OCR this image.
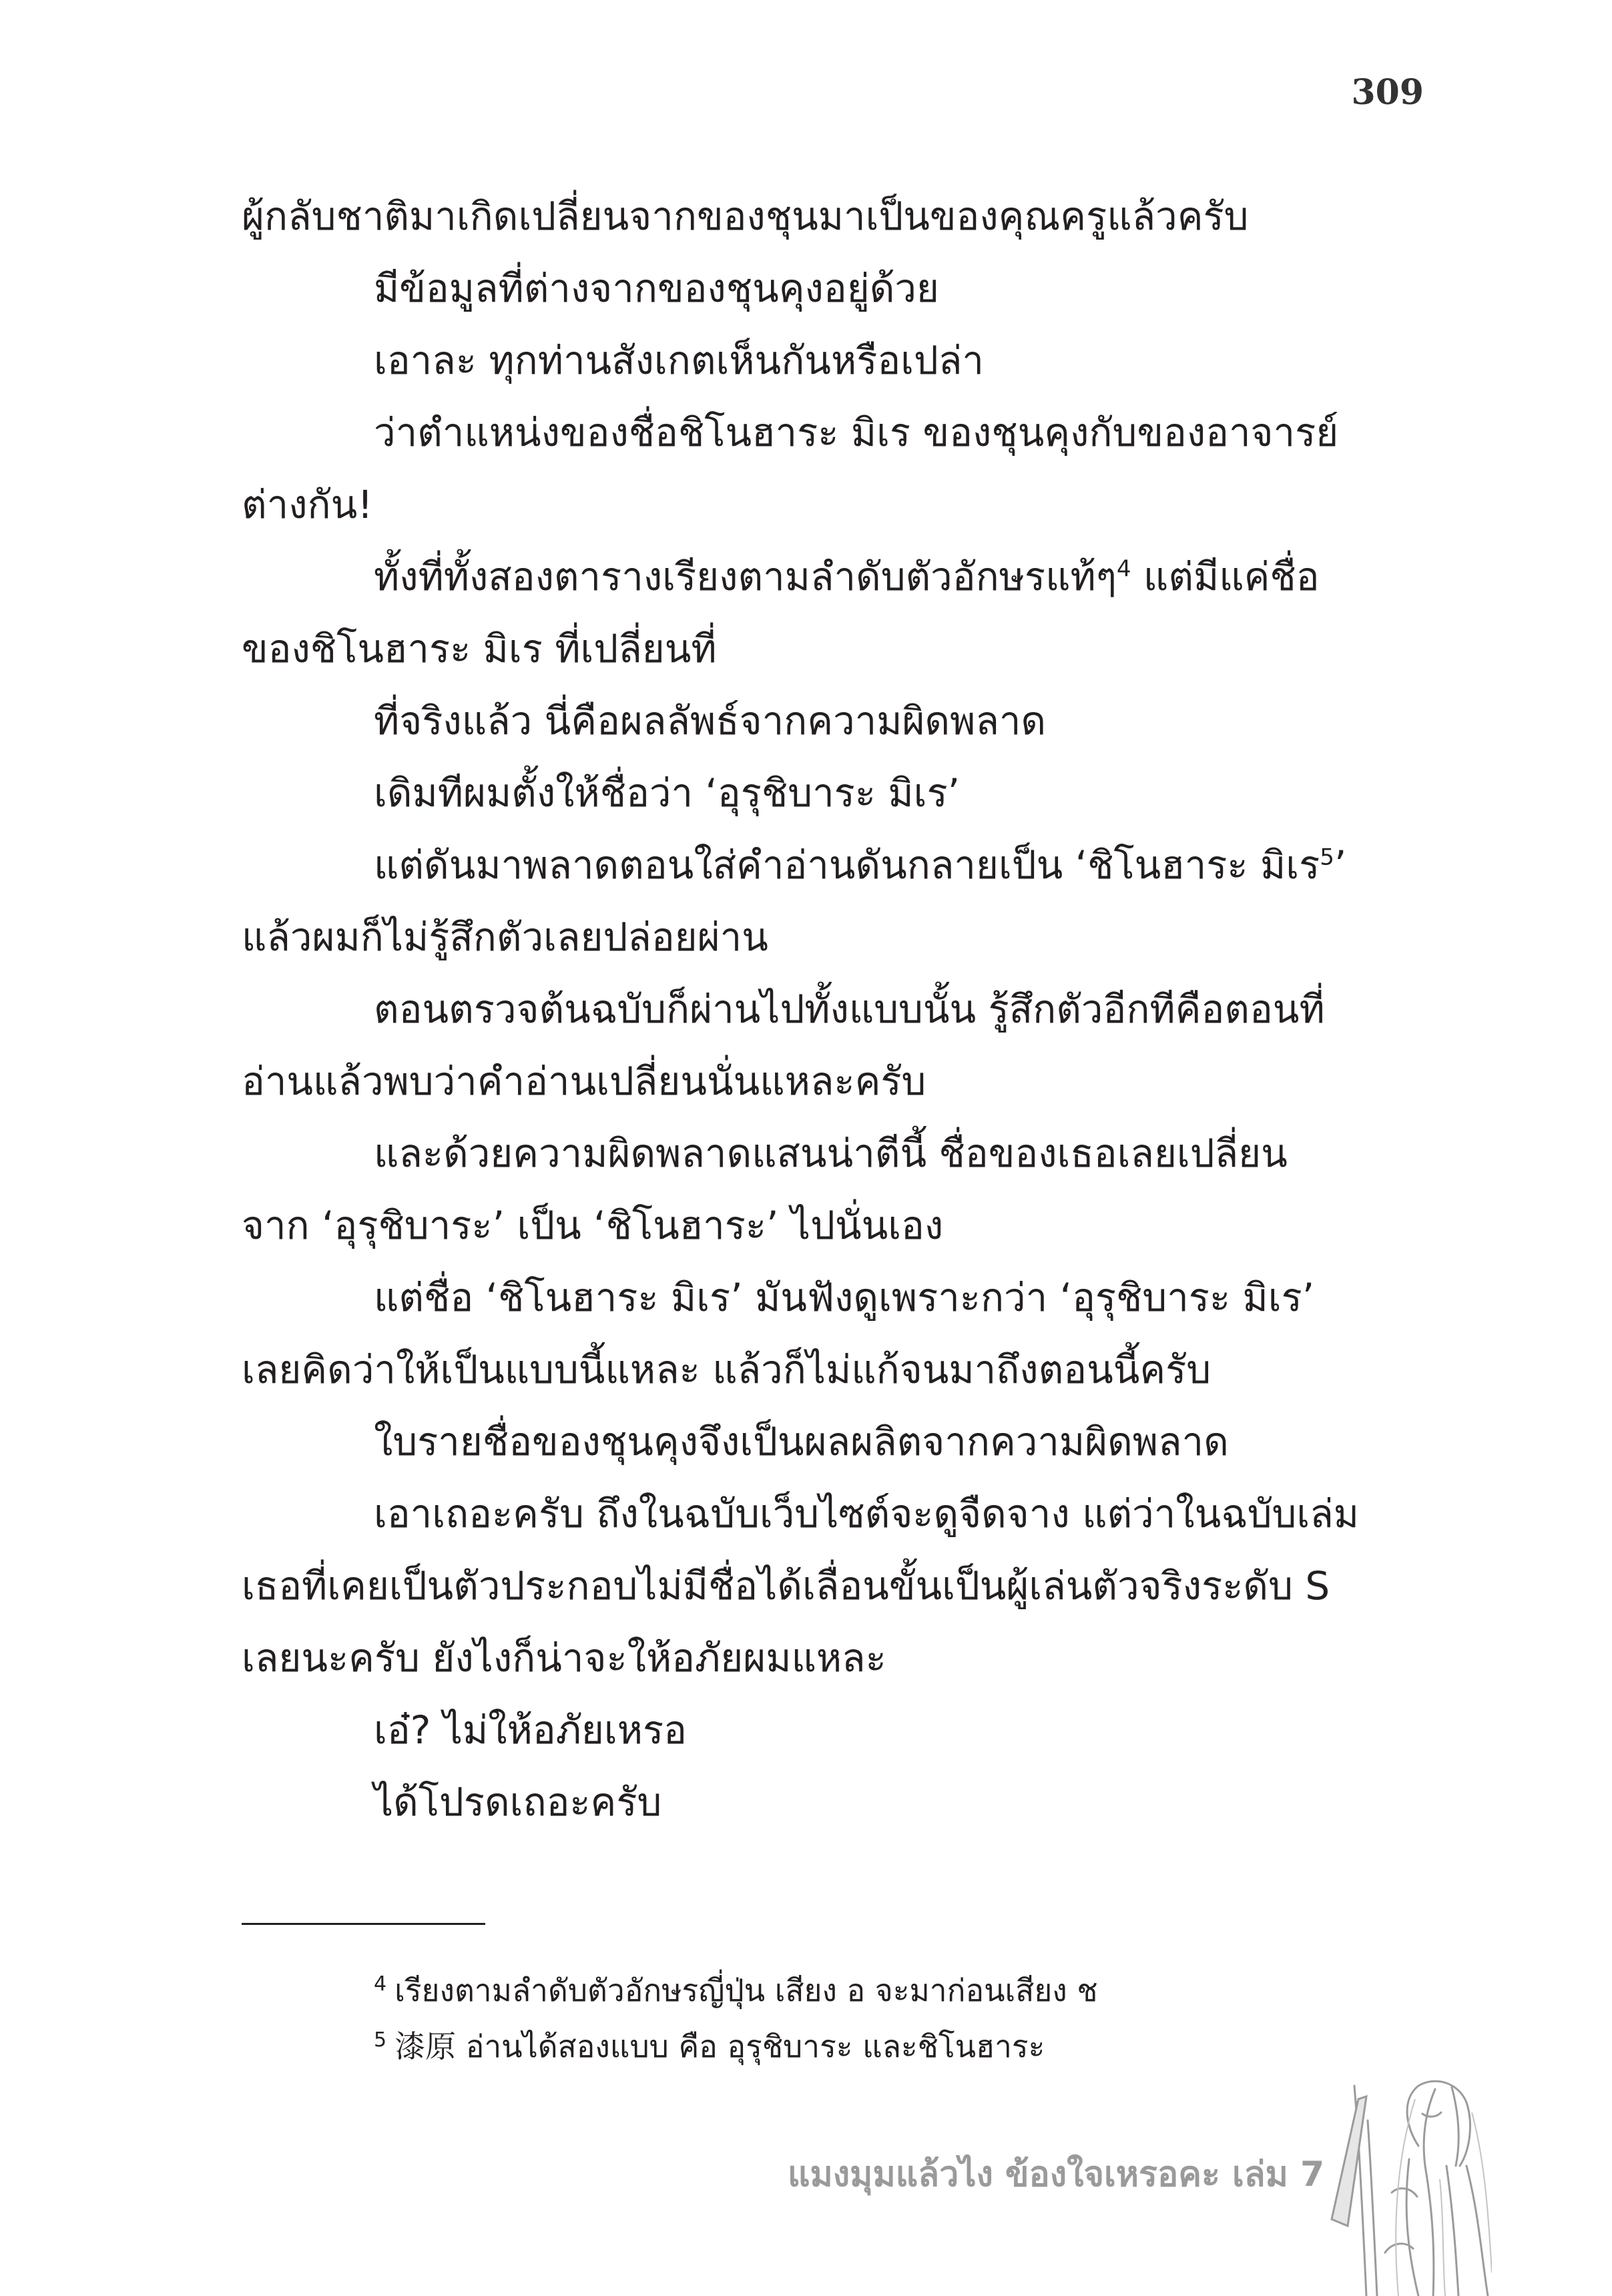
309
ผู้กลับชาติมาเกิดเปลี่ยนจากของชุนมาเป็นของคุณครูแล้วครับ
มีข้อมูลที่ต่างจากของชุนคุงอยู่ด้วย
เอาละ ทุกท่านสังเกตเห็นกันหรือเปล่า
ว่าตำแหน่งของชื่อชิโนฮาระ มิเร ของชุนคุงกับของอาจารย์
ต่างกัน!
ทั้งที่ทั้งสองตารางเรียงตามลำดับตัวอักษรแท้ๆ$^4$ แต่มีแค่ชื่อ
ของชิโนฮาระ มิเร ที่เปลี่ยนที่
ที่จริงแล้ว นี่คือผลลัพธ์จากความผิดพลาด
เดิมทีผมตั้งให้ชื่อว่า ‘อุรุชิบาระ มิเร’
แต่ดันมาพลาดตอนใส่คำอ่านดันกลายเป็น ‘ชิโนฮาระ มิเร$^5$’
แล้วผมก็ไม่รู้สึกตัวเลยปล่อยผ่าน
ตอนตรวจต้นฉบับก็ผ่านไปทั้งแบบนั้น รู้สึกตัวอีกทีคือตอนที่
อ่านแล้วพบว่าคำอ่านเปลี่ยนนั่นแหละครับ
และด้วยความผิดพลาดแสนน่าตีนี้ ชื่อของเธอเลยเปลี่ยน
จาก ‘อุรุชิบาระ’ เป็น ‘ชิโนฮาระ’ ไปนั่นเอง
แต่ชื่อ ‘ชิโนฮาระ มิเร’ มันฟังดูเพราะกว่า ‘อุรุชิบาระ มิเร’
เลยคิดว่าให้เป็นแบบนี้แหละ แล้วก็ไม่แก้จนมาถึงตอนนี้ครับ
ใบรายชื่อของชุนคุงจึงเป็นผลผลิตจากความผิดพลาด
เอาเถอะครับ ถึงในฉบับเว็บไซต์จะดูจืดจาง แต่ว่าในฉบับเล่ม
เธอที่เคยเป็นตัวประกอบไม่มีชื่อได้เลื่อนขั้นเป็นผู้เล่นตัวจริงระดับ S
เลยนะครับ ยังไงก็น่าจะให้อภัยผมแหละ
เอ๋? ไม่ให้อภัยเหรอ
ได้โปรดเถอะครับ
$^4$ เรียงตามลำดับตัวอักษรญี่ปุ่น เสียง อ จะมาก่อนเสียง ช
$^5$ 漆原 อ่านได้สองแบบ คือ อุรุชิบาระ และชิโนฮาระ
แมงมุมแล้วไง ข้องใจเหรอคะ เล่ม 7
